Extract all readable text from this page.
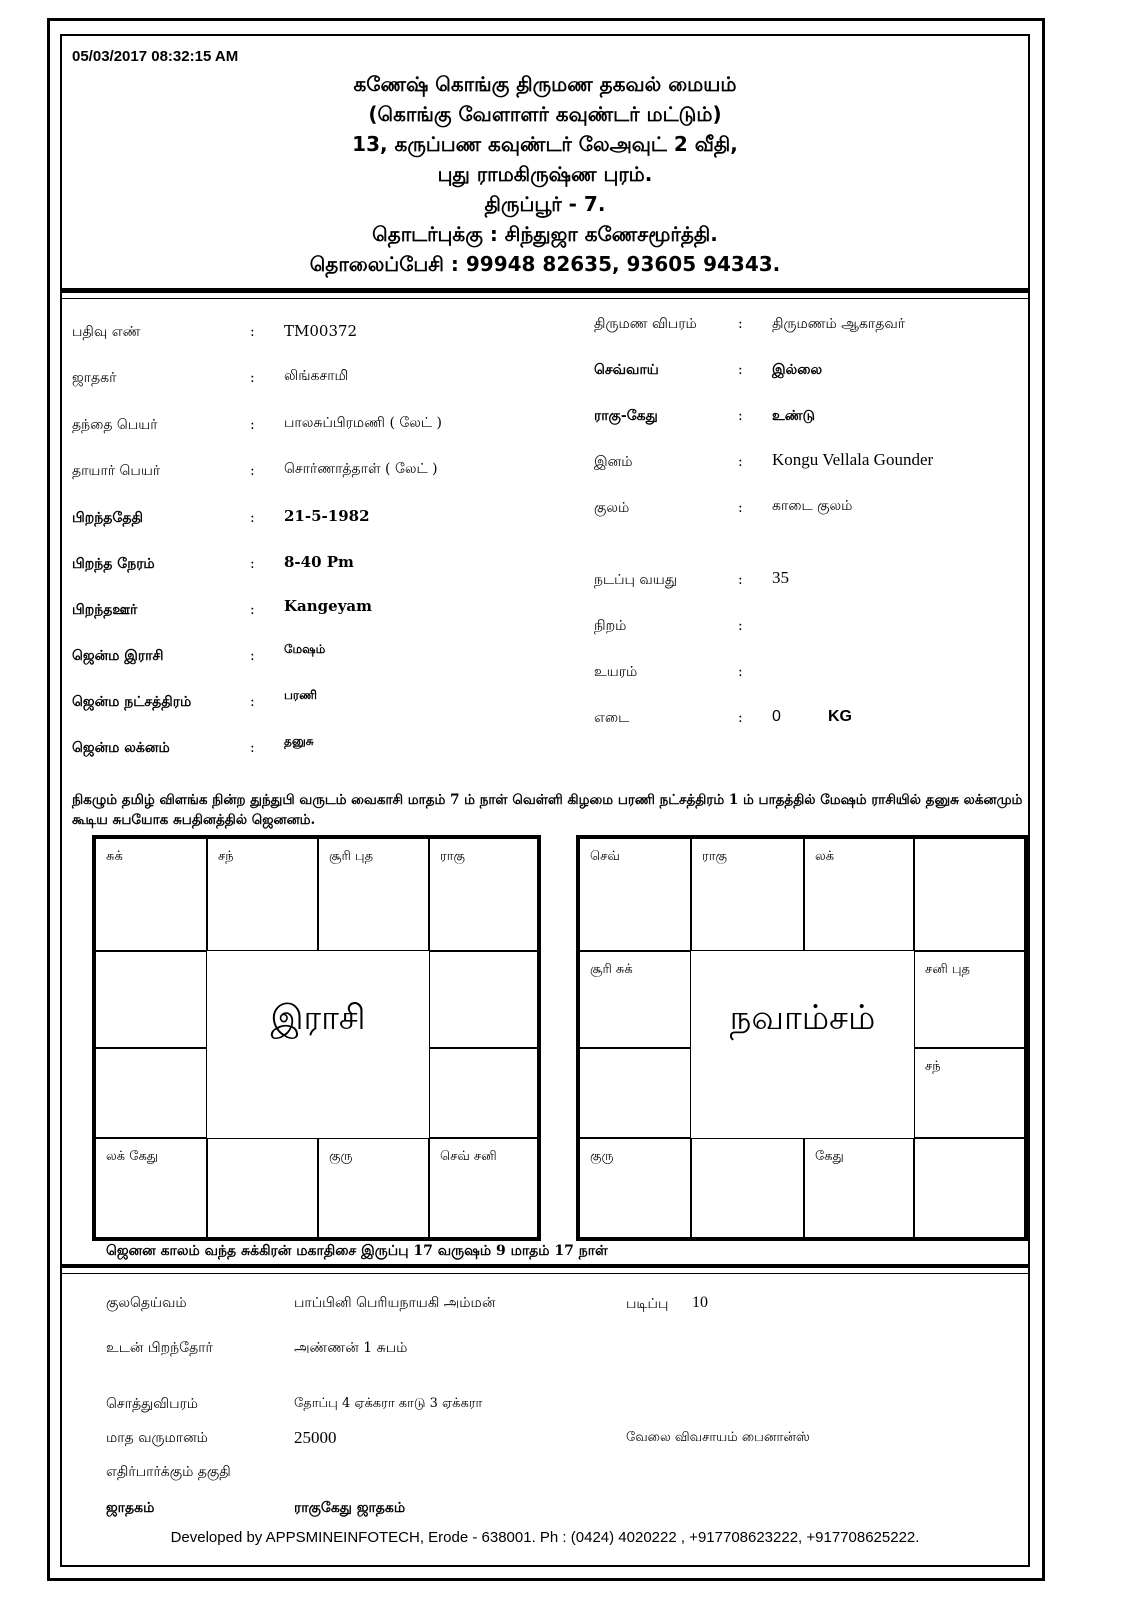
05/03/2017 08:32:15 AM
கணேஷ் கொங்கு திருமண தகவல் மையம்
(கொங்கு வேளாளர் கவுண்டர் மட்டும்)
13, கருப்பண கவுண்டர் லேஅவுட் 2 வீதி,
புது ராமகிருஷ்ண புரம்.
திருப்பூர் - 7.
தொடர்புக்கு : சிந்துஜா கணேசமூர்த்தி.
தொலைப்பேசி : 99948 82635, 93605 94343.
பதிவு எண்	: TM00372
ஜாதகர்	: லிங்கசாமி
தந்தை பெயர்	: பாலசுப்பிரமணி ( லேட் )
தாயார் பெயர்	: சொர்ணாத்தாள் ( லேட் )
பிறந்ததேதி	: 21-5-1982
பிறந்த நேரம்	: 8-40 Pm
பிறந்தஊர்	: Kangeyam
ஜென்ம இராசி	: மேஷம்
ஜென்ம நட்சத்திரம்	: பரணி
ஜென்ம லக்னம்	: தனுசு
திருமண விபரம்	: திருமணம் ஆகாதவர்
செவ்வாய்	: இல்லை
ராகு-கேது	: உண்டு
இனம்	: Kongu Vellala Gounder
குலம்	: காடை குலம்
நடப்பு வயது	: 35
நிறம்	:
உயரம்	:
எடை	: 0	KG
நிகழும் தமிழ் விளங்க நின்ற துந்துபி வருடம் வைகாசி மாதம் 7 ம் நாள் வெள்ளி கிழமை பரணி நட்சத்திரம் 1 ம் பாதத்தில் மேஷம் ராசியில் தனுசு லக்னமும் கூடிய சுபயோக சுபதினத்தில் ஜெனனம்.
சுக்	சந்	சூரி புத	ராகு
லக் கேது	குரு	செவ் சனி
இராசி
செவ்	ராகு	லக்
சூரி சுக்	சனி புத
சந்
குரு	கேது
நவாம்சம்
ஜெனன காலம் வந்த சுக்கிரன் மகாதிசை இருப்பு 17 வருஷம் 9 மாதம் 17 நாள்
குலதெய்வம்	பாப்பினி பெரியநாயகி அம்மன்	படிப்பு 10
உடன் பிறந்தோர்	அண்ணன் 1 சுபம்
சொத்துவிபரம்	தோப்பு 4 ஏக்கரா காடு 3 ஏக்கரா
மாத வருமானம்	25000	வேலை விவசாயம் பைனான்ஸ்
எதிர்பார்க்கும் தகுதி
ஜாதகம்	ராகுகேது ஜாதகம்
Developed by APPSMINEINFOTECH, Erode - 638001. Ph : (0424) 4020222 , +917708623222, +917708625222.
